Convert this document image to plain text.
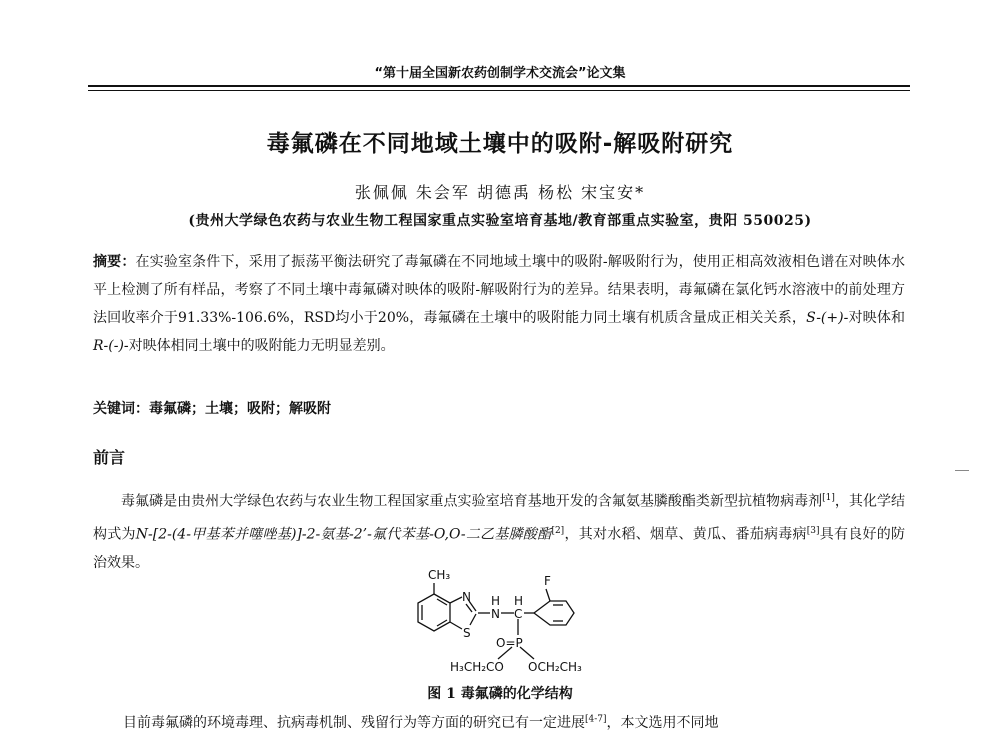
“第十届全国新农药创制学术交流会”论文集
毒氟磷在不同地域土壤中的吸附-解吸附研究
张佩佩 朱会军 胡德禹 杨松 宋宝安*
(贵州大学绿色农药与农业生物工程国家重点实验室培育基地/教育部重点实验室，贵阳 550025)
摘要：在实验室条件下，采用了振荡平衡法研究了毒氟磷在不同地域土壤中的吸附-解吸附行为，使用正相高效液相色谱在对映体水平上检测了所有样品，考察了不同土壤中毒氟磷对映体的吸附-解吸附行为的差异。结果表明，毒氟磷在氯化钙水溶液中的前处理方法回收率介于91.33%-106.6%，RSD均小于20%，毒氟磷在土壤中的吸附能力同土壤有机质含量成正相关关系，S-(+)-对映体和R-(-)-对映体相同土壤中的吸附能力无明显差别。
关键词：毒氟磷；土壤；吸附；解吸附
前言
毒氟磷是由贵州大学绿色农药与农业生物工程国家重点实验室培育基地开发的含氟氨基膦酸酯类新型抗植物病毒剂[1]，其化学结构式为N-[2-(4-甲基苯并噻唑基)]-2-氨基-2’-氟代苯基-O,O-二乙基膦酸酯[2]，其对水稻、烟草、黄瓜、番茄病毒病[3]具有良好的防治效果。
CH₃	F
N
S
H H
N C
O=P
H₃CH₂CO OCH₂CH₃
图 1 毒氟磷的化学结构
目前毒氟磷的环境毒理、抗病毒机制、残留行为等方面的研究已有一定进展[4-7]，本文选用不同地
